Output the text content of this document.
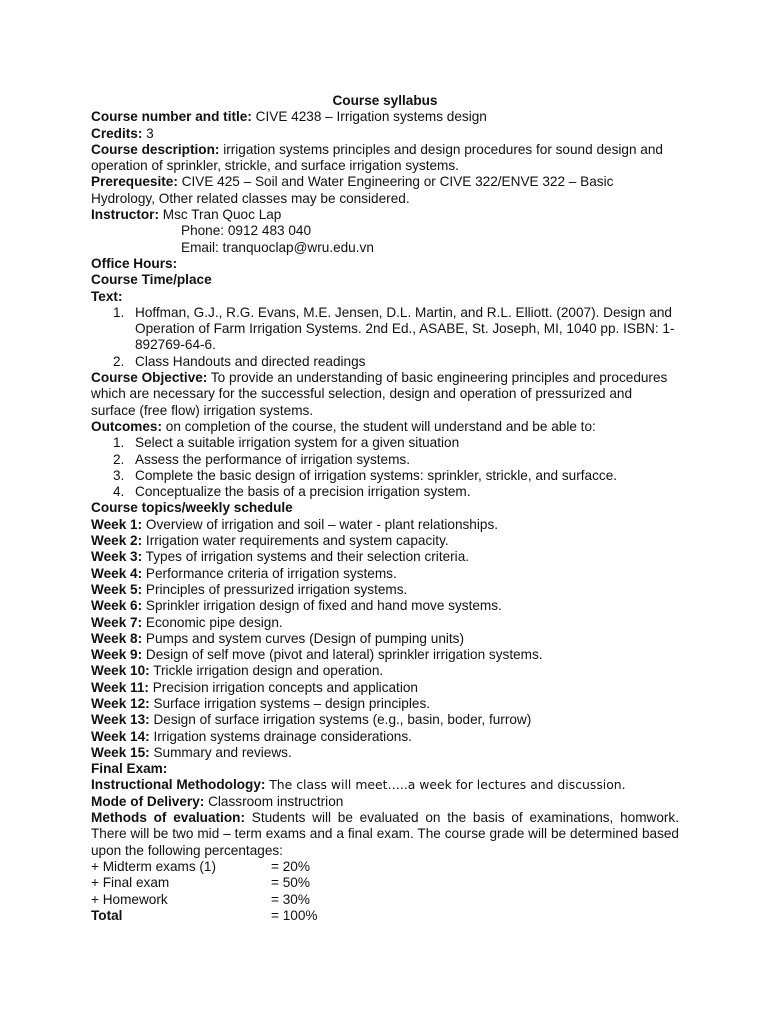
Course syllabus
Course number and title: CIVE 4238 – Irrigation systems design
Credits: 3
Course description: irrigation systems principles and design procedures for sound design and operation of sprinkler, strickle, and surface irrigation systems.
Prerequesite: CIVE 425 – Soil and Water Engineering or CIVE 322/ENVE 322 – Basic Hydrology, Other related classes may be considered.
Instructor: Msc Tran Quoc Lap
Phone: 0912 483 040
Email: tranquoclap@wru.edu.vn
Office Hours:
Course Time/place
Text:
1. Hoffman, G.J., R.G. Evans, M.E. Jensen, D.L. Martin, and R.L. Elliott. (2007). Design and Operation of Farm Irrigation Systems. 2nd Ed., ASABE, St. Joseph, MI, 1040 pp. ISBN: 1-892769-64-6.
2. Class Handouts and directed readings
Course Objective: To provide an understanding of basic engineering principles and procedures which are necessary for the successful selection, design and operation of pressurized and surface (free flow) irrigation systems.
Outcomes: on completion of the course, the student will understand and be able to:
1. Select a suitable irrigation system for a given situation
2. Assess the performance of irrigation systems.
3. Complete the basic design of irrigation systems: sprinkler, strickle, and surfacce.
4. Conceptualize the basis of a precision irrigation system.
Course topics/weekly schedule
Week 1: Overview of irrigation and soil – water - plant relationships.
Week 2: Irrigation water requirements and system capacity.
Week 3: Types of irrigation systems and their selection criteria.
Week 4: Performance criteria of irrigation systems.
Week 5: Principles of pressurized irrigation systems.
Week 6: Sprinkler irrigation design of fixed and hand move systems.
Week 7: Economic pipe design.
Week 8: Pumps and system curves (Design of pumping units)
Week 9: Design of self move (pivot and lateral) sprinkler irrigation systems.
Week 10: Trickle irrigation design and operation.
Week 11: Precision irrigation concepts and application
Week 12: Surface irrigation systems – design principles.
Week 13: Design of surface irrigation systems (e.g., basin, boder, furrow)
Week 14: Irrigation systems drainage considerations.
Week 15: Summary and reviews.
Final Exam:
Instructional Methodology: The class will meet…..a week for lectures and discussion.
Mode of Delivery: Classroom instructrion
Methods of evaluation: Students will be evaluated on the basis of examinations, homwork. There will be two mid – term exams and a final exam. The course grade will be determined based upon the following percentages:
+ Midterm exams (1)	= 20%
+ Final exam	= 50%
+ Homework	= 30%
Total	= 100%
